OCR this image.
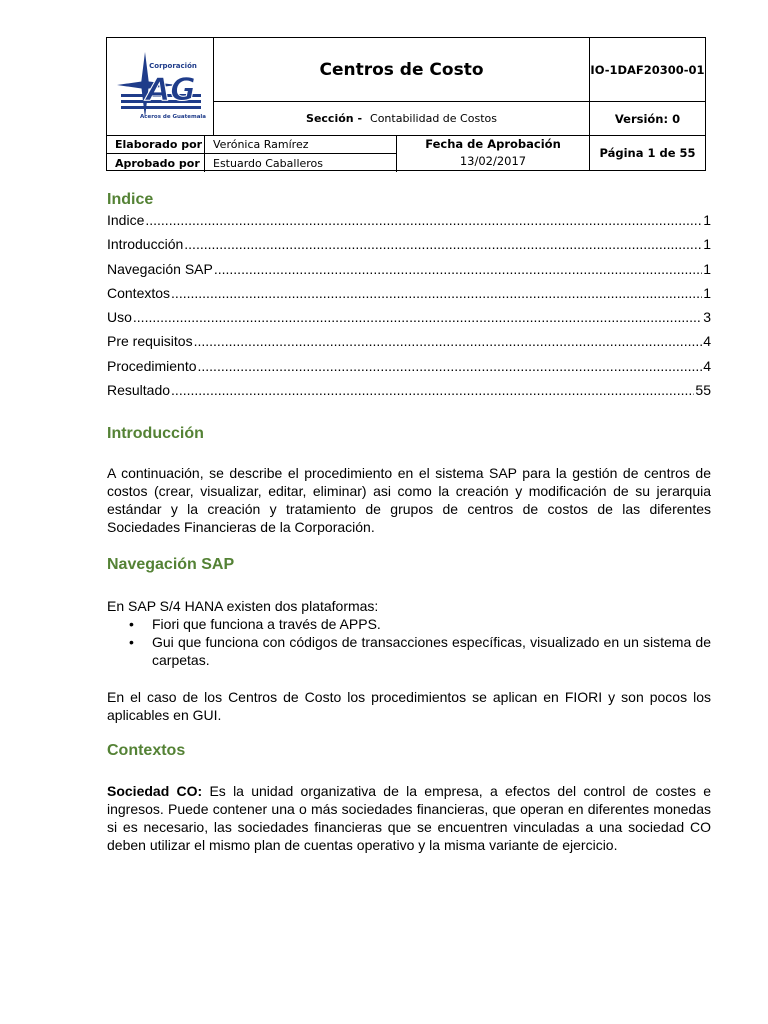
Corporación
AG
Aceros de Guatemala
Centros de Costo	IO-1DAF20300-01
Sección - Contabilidad de Costos	Versión: 0
Elaborado por Verónica Ramírez
Aprobado por	Estuardo Caballeros
Fecha de Aprobación
13/02/2017
Página 1 de 55
Indice
Indice .....	1
Introducción .....	1
Navegación SAP .....	1
Contextos .....	1
Uso .....	3
Pre requisitos .....	4
Procedimiento .....	4
Resultado .....	55
Introducción
A continuación, se describe el procedimiento en el sistema SAP para la gestión de centros de costos (crear, visualizar, editar, eliminar) asi como la creación y modificación de su jerarquia estándar y la creación y tratamiento de grupos de centros de costos de las diferentes Sociedades Financieras de la Corporación.
Navegación SAP
En SAP S/4 HANA existen dos plataformas:
• Fiori que funciona a través de APPS.
• Gui que funciona con códigos de transacciones específicas, visualizado en un sistema de carpetas.
En el caso de los Centros de Costo los procedimientos se aplican en FIORI y son pocos los aplicables en GUI.
Contextos
Sociedad CO: Es la unidad organizativa de la empresa, a efectos del control de costes e ingresos. Puede contener una o más sociedades financieras, que operan en diferentes monedas si es necesario, las sociedades financieras que se encuentren vinculadas a una sociedad CO deben utilizar el mismo plan de cuentas operativo y la misma variante de ejercicio.
